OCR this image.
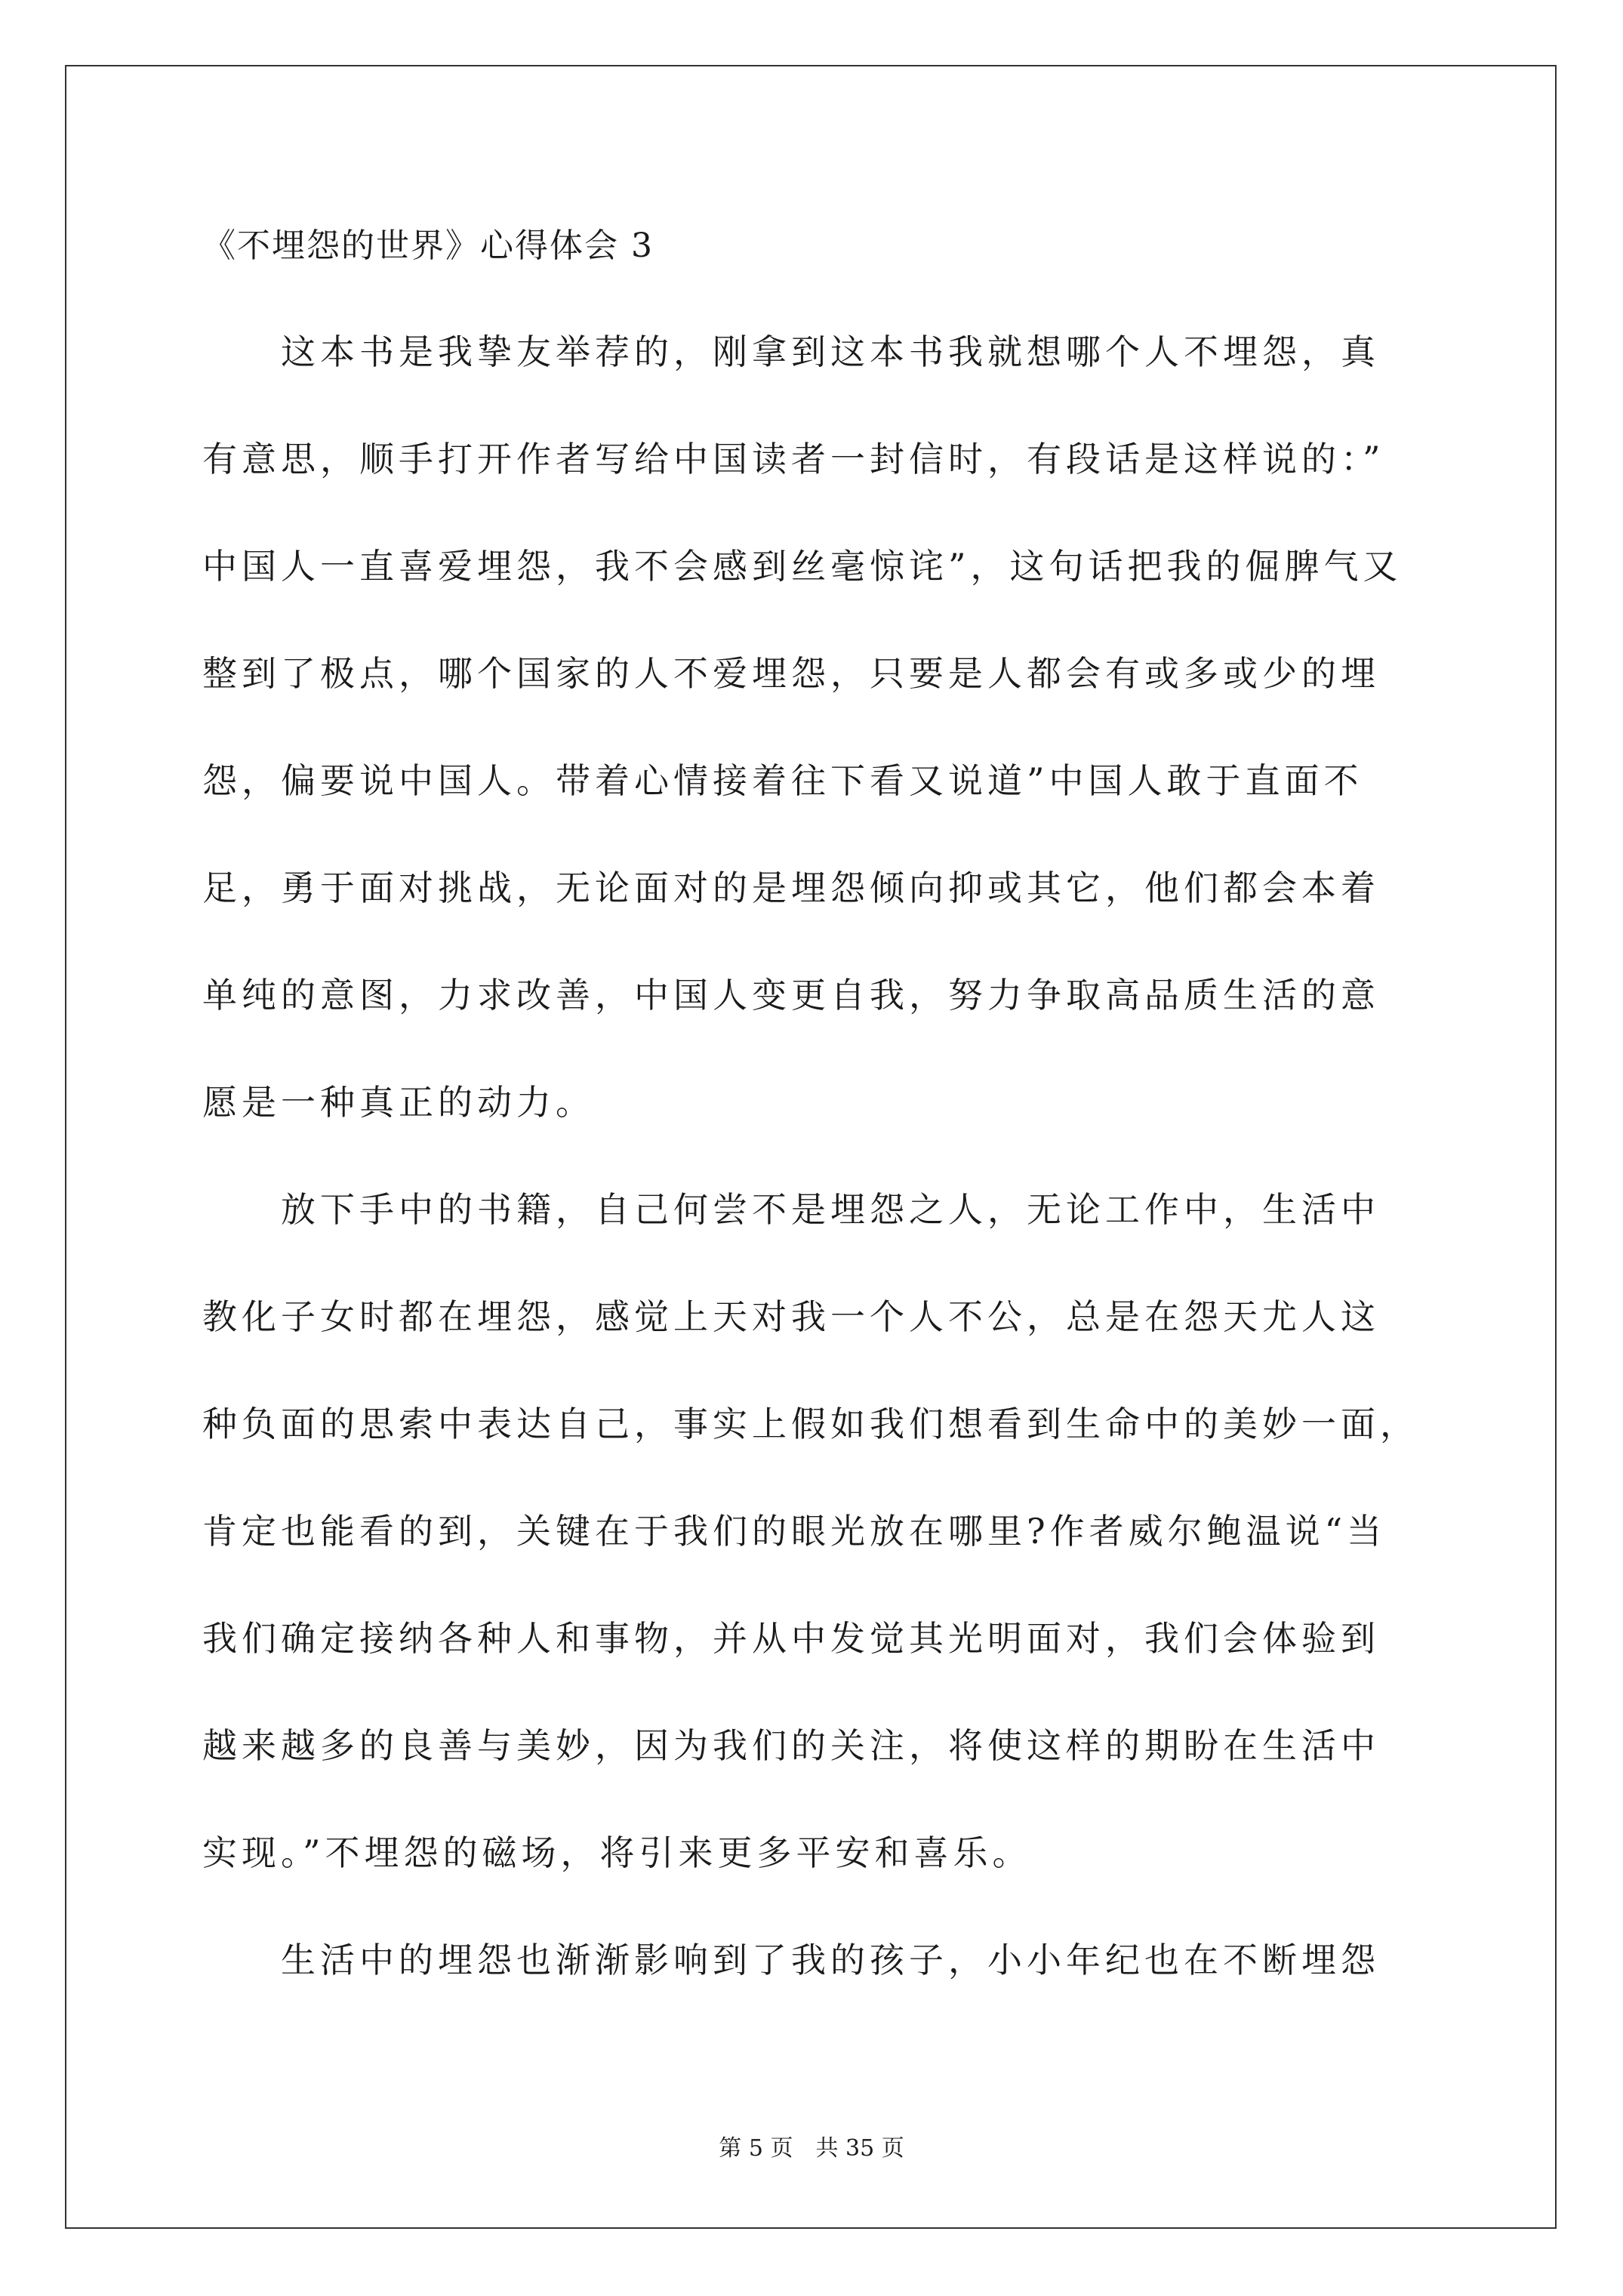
《不埋怨的世界》心得体会 3
　　这本书是我挚友举荐的，刚拿到这本书我就想哪个人不埋怨，真
有意思，顺手打开作者写给中国读者一封信时，有段话是这样说的：”
中国人一直喜爱埋怨，我不会感到丝毫惊诧”，这句话把我的倔脾气又
整到了极点，哪个国家的人不爱埋怨，只要是人都会有或多或少的埋
怨，偏要说中国人。带着心情接着往下看又说道”中国人敢于直面不
足，勇于面对挑战，无论面对的是埋怨倾向抑或其它，他们都会本着
单纯的意图，力求改善，中国人变更自我，努力争取高品质生活的意
愿是一种真正的动力。
　　放下手中的书籍，自己何尝不是埋怨之人，无论工作中，生活中
教化子女时都在埋怨，感觉上天对我一个人不公，总是在怨天尤人这
种负面的思索中表达自己，事实上假如我们想看到生命中的美妙一面，
肯定也能看的到，关键在于我们的眼光放在哪里?作者威尔鲍温说“当
我们确定接纳各种人和事物，并从中发觉其光明面对，我们会体验到
越来越多的良善与美妙，因为我们的关注，将使这样的期盼在生活中
实现。”不埋怨的磁场，将引来更多平安和喜乐。
　　生活中的埋怨也渐渐影响到了我的孩子，小小年纪也在不断埋怨
第 5 页　共 35 页
